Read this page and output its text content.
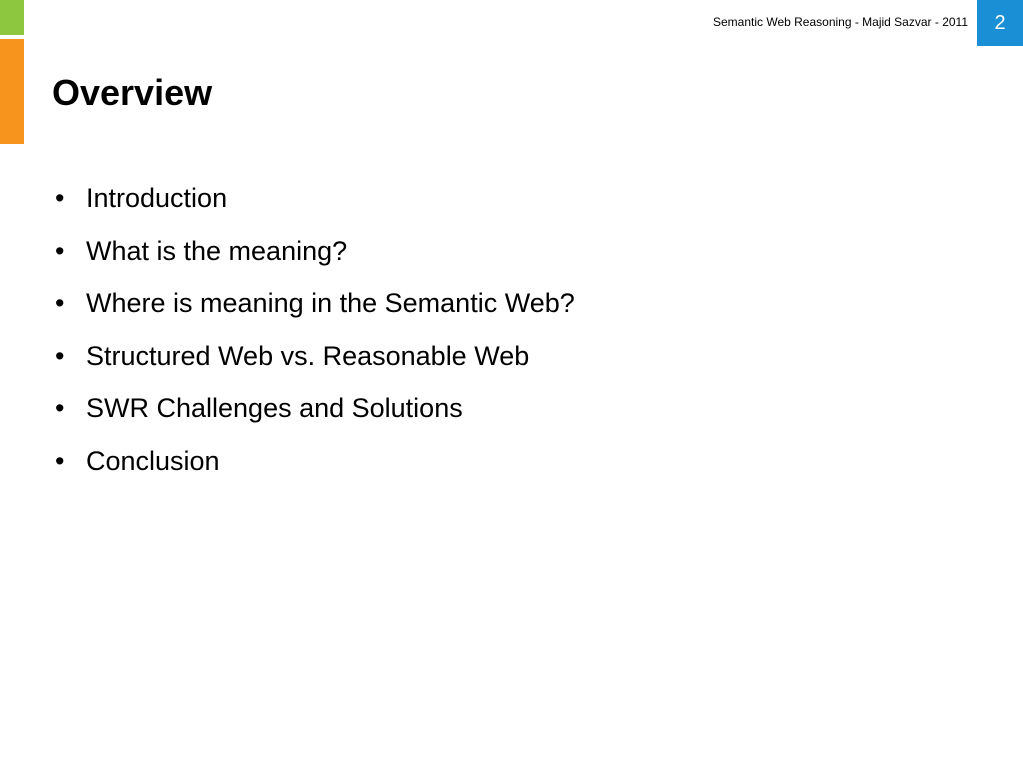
Semantic Web Reasoning - Majid Sazvar - 2011	2
Overview
• Introduction
• What is the meaning?
• Where is meaning in the Semantic Web?
• Structured Web vs. Reasonable Web
• SWR Challenges and Solutions
• Conclusion
